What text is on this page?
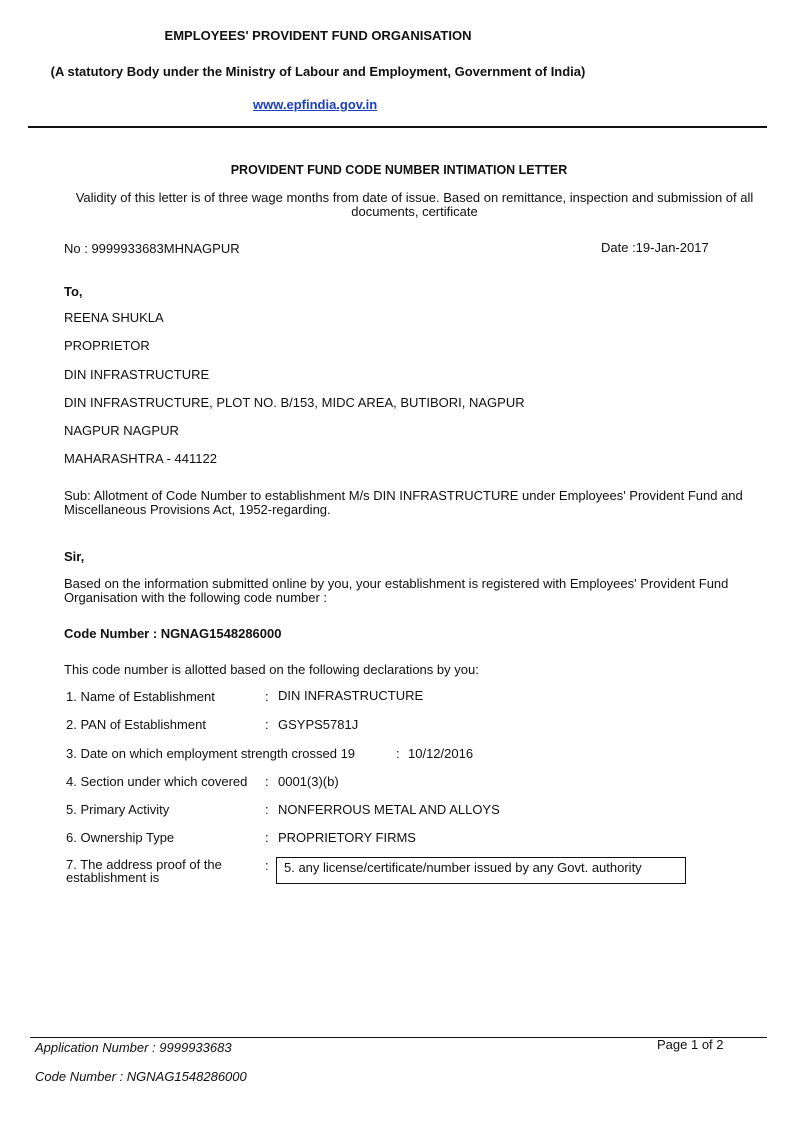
EMPLOYEES' PROVIDENT FUND ORGANISATION
(A statutory Body under the Ministry of Labour and Employment, Government of India)
www.epfindia.gov.in
PROVIDENT FUND CODE NUMBER INTIMATION LETTER
Validity of this letter is of three wage months from date of issue. Based on remittance, inspection and submission of all documents, certificate
No : 9999933683MHNAGPUR	Date :19-Jan-2017
To,
REENA SHUKLA
PROPRIETOR
DIN INFRASTRUCTURE
DIN INFRASTRUCTURE, PLOT NO. B/153, MIDC AREA, BUTIBORI, NAGPUR
NAGPUR NAGPUR
MAHARASHTRA - 441122
Sub: Allotment of Code Number to establishment M/s DIN INFRASTRUCTURE under Employees' Provident Fund and Miscellaneous Provisions Act, 1952-regarding.
Sir,
Based on the information submitted online by you, your establishment is registered with Employees' Provident Fund Organisation with the following code number :
Code Number : NGNAG1548286000
This code number is allotted based on the following declarations by you:
1. Name of Establishment	: DIN INFRASTRUCTURE
2. PAN of Establishment	: GSYPS5781J
3. Date on which employment strength crossed 19	: 10/12/2016
4. Section under which covered : 0001(3)(b)
5. Primary Activity	: NONFERROUS METAL AND ALLOYS
6. Ownership Type	: PROPRIETORY FIRMS
7. The address proof of the establishment is
:	5. any license/certificate/number issued by any Govt. authority
Application Number : 9999933683
Code Number : NGNAG1548286000
Page 1 of 2
